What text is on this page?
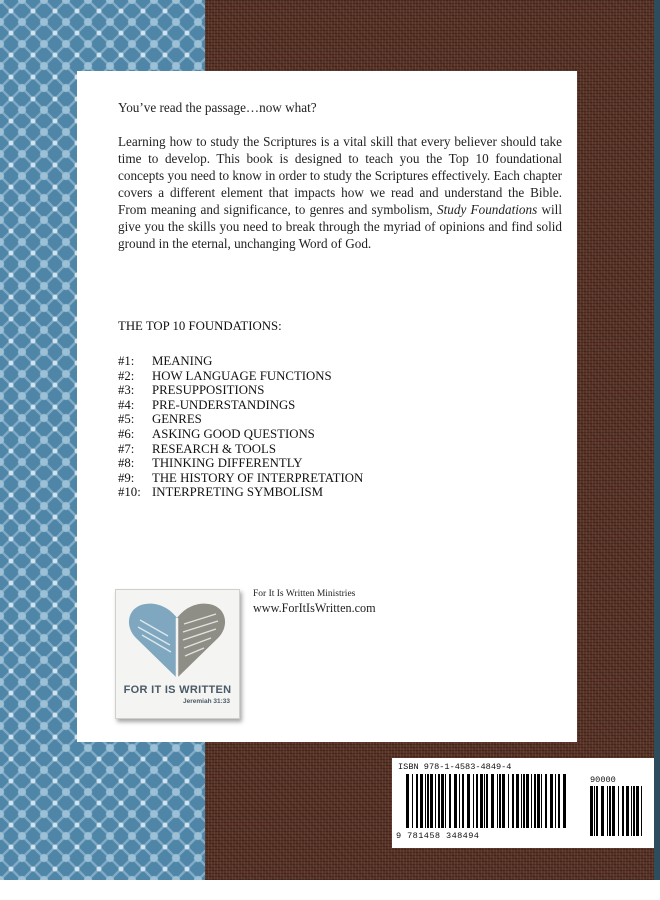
You’ve read the passage…now what?

Learning how to study the Scriptures is a vital skill that every believer should take time to develop. This book is designed to teach you the Top 10 foundational concepts you need to know in order to study the Scriptures effectively. Each chapter covers a different element that impacts how we read and understand the Bible. From meaning and significance, to genres and symbolism, Study Foundations will give you the skills you need to break through the myriad of opinions and find solid ground in the eternal, unchanging Word of God.

THE TOP 10 FOUNDATIONS:
#1:	MEANING
#2:	HOW LANGUAGE FUNCTIONS
#3:	PRESUPPOSITIONS
#4:	PRE-UNDERSTANDINGS
#5:	GENRES
#6:	ASKING GOOD QUESTIONS
#7:	RESEARCH & TOOLS
#8:	THINKING DIFFERENTLY
#9:	THE HISTORY OF INTERPRETATION
#10: INTERPRETING SYMBOLISM
FOR IT IS WRITTEN
Jeremiah 31:33
For It Is Written Ministries
www.ForItIsWritten.com
ISBN 978-1-4583-4849-4
90000
9 781458 348494
